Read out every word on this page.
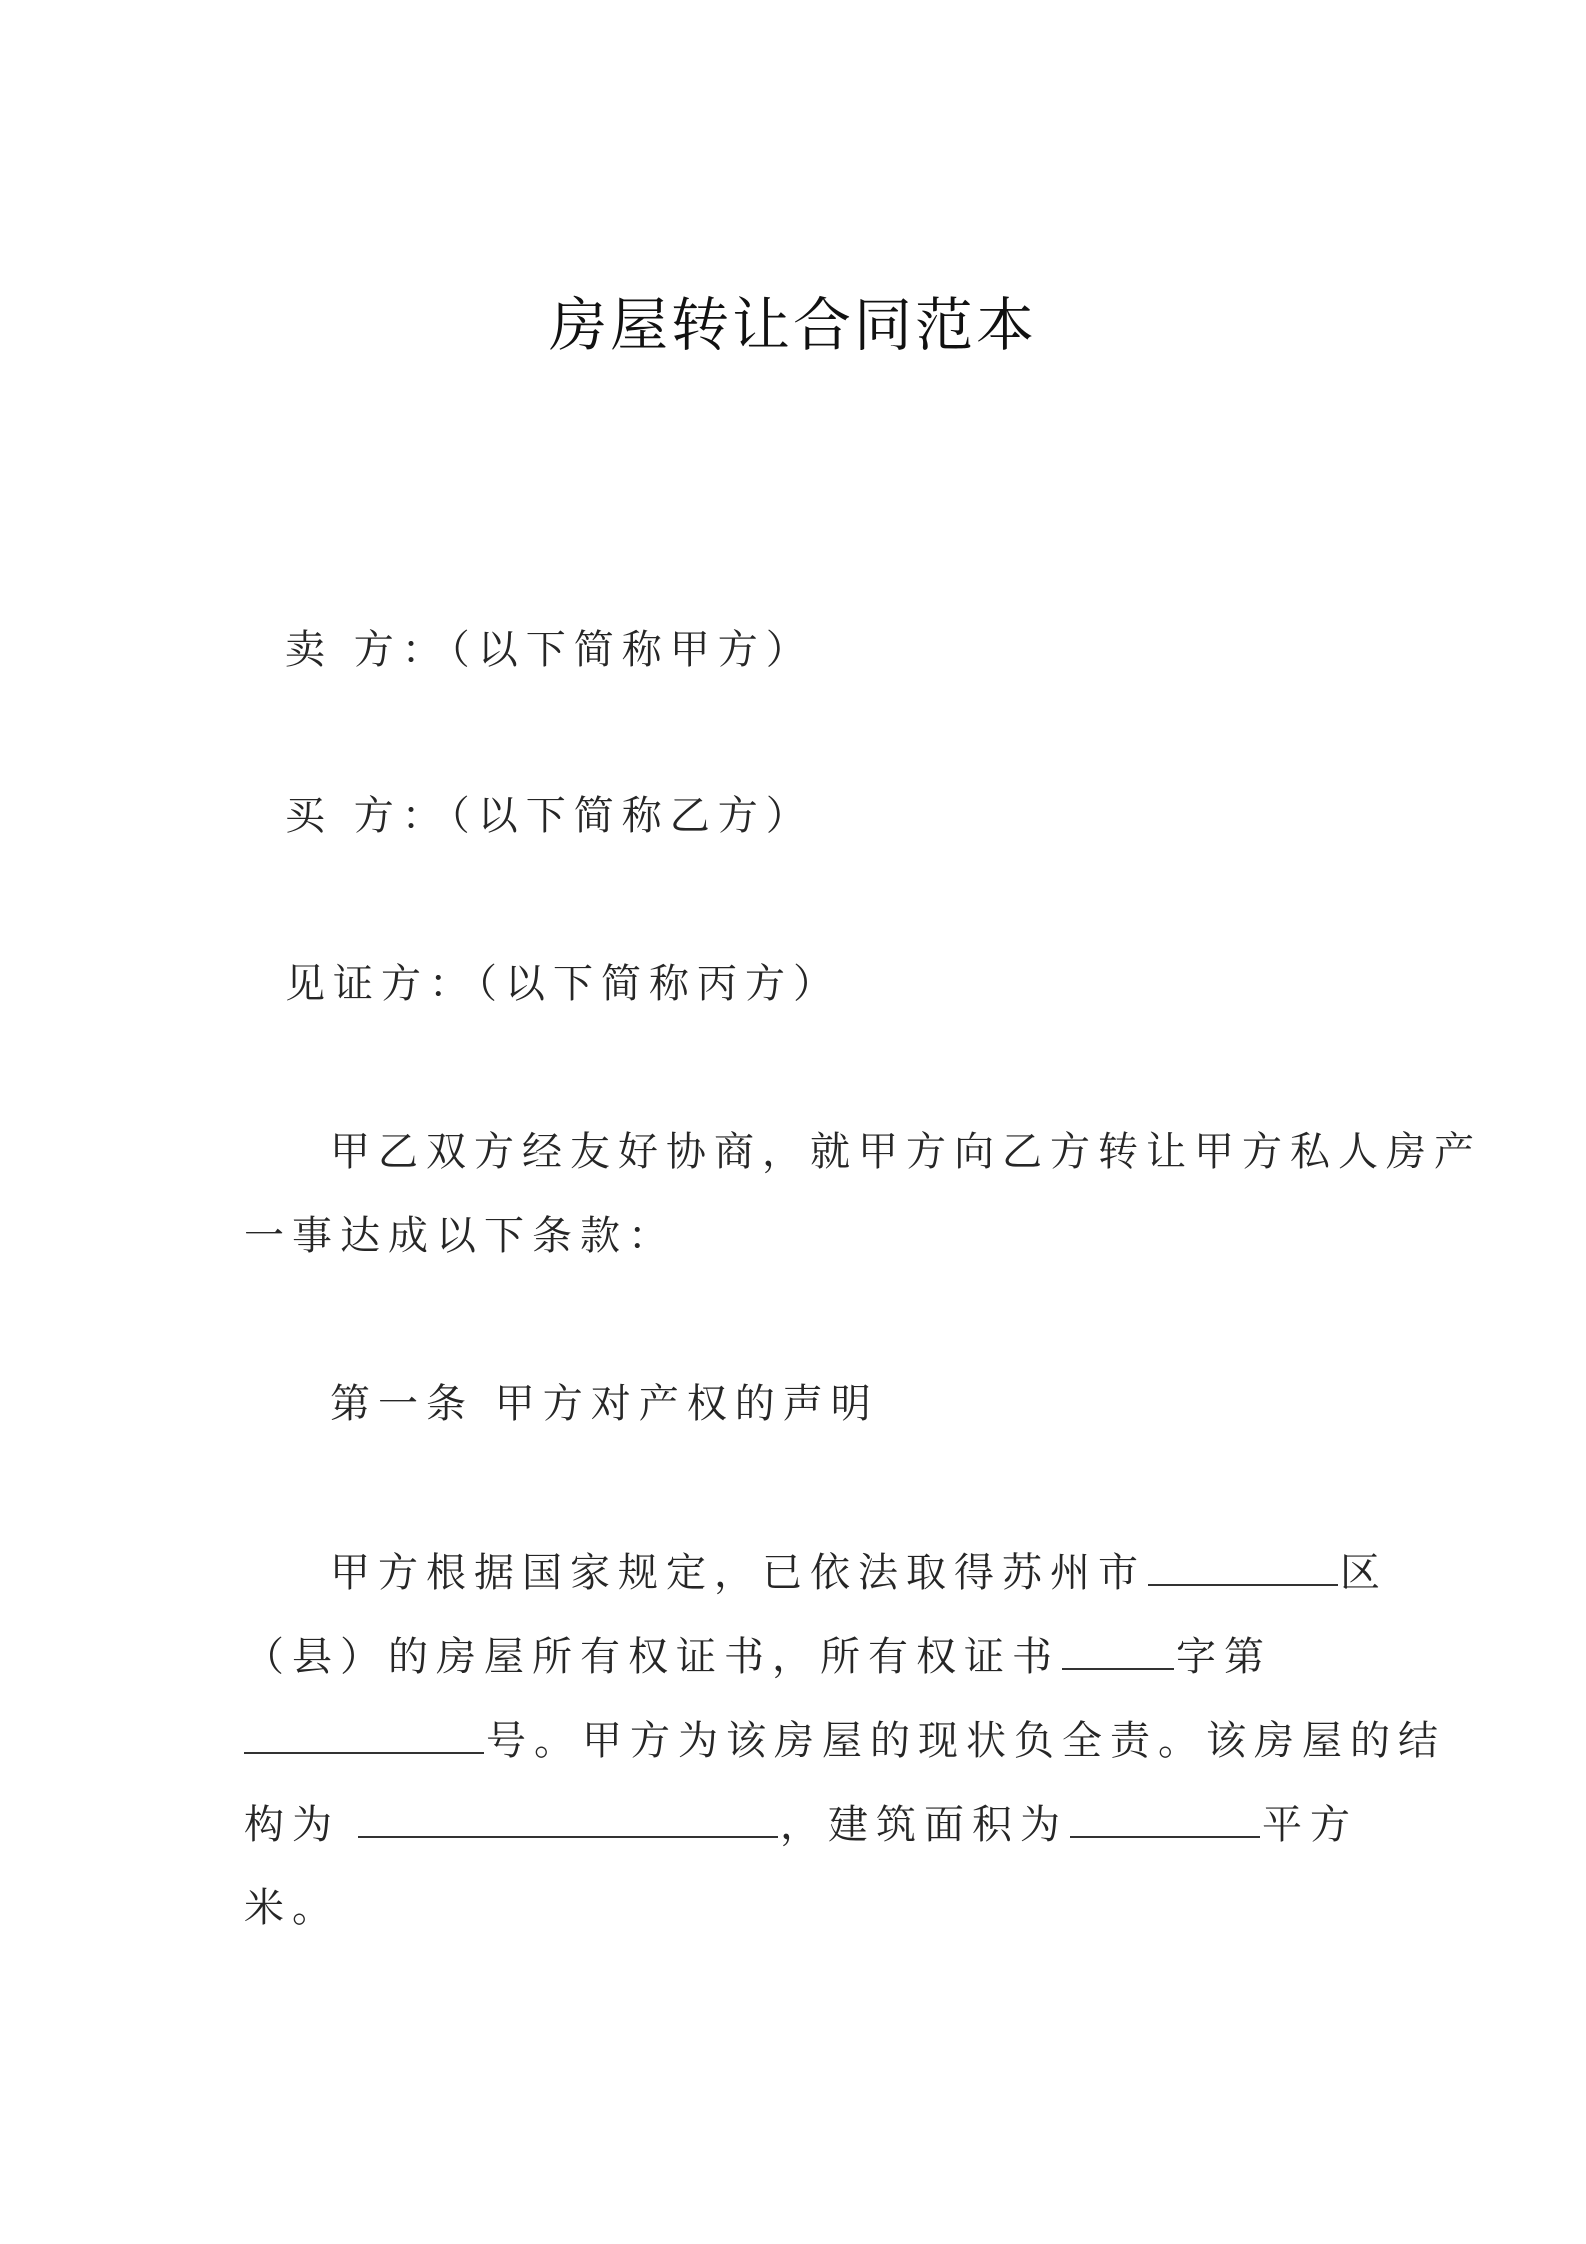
房屋转让合同范本
卖 方：（以下简称甲方）
买 方：（以下简称乙方）
见证方：（以下简称丙方）
甲乙双方经友好协商，就甲方向乙方转让甲方私人房产
一事达成以下条款：
第一条 甲方对产权的声明
甲方根据国家规定，已依法取得苏州市	区
（县）的房屋所有权证书，所有权证书	字第
号。甲方为该房屋的现状负全责。该房屋的结
构为	，建筑面积为	平方
米。
